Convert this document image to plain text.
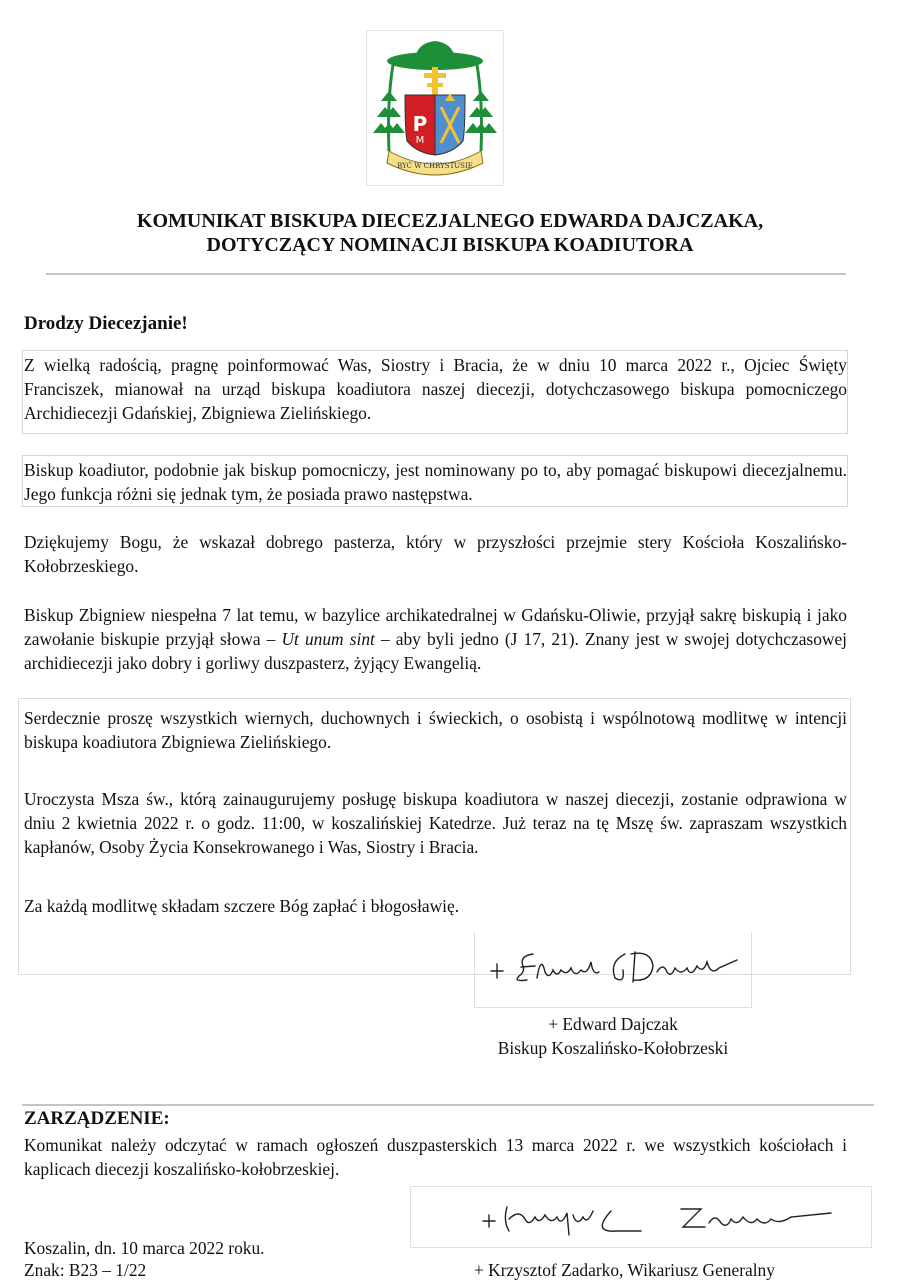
P
M
BYĆ W CHRYSTUSIE
KOMUNIKAT BISKUPA DIECEZJALNEGO EDWARDA DAJCZAKA,
DOTYCZĄCY NOMINACJI BISKUPA KOADIUTORA
Drodzy Diecezjanie!
Z wielką radością, pragnę poinformować Was, Siostry i Bracia, że w dniu 10 marca 2022 r., Ojciec Święty Franciszek, mianował na urząd biskupa koadiutora naszej diecezji, dotychczasowego biskupa pomocniczego Archidiecezji Gdańskiej, Zbigniewa Zielińskiego.
Biskup koadiutor, podobnie jak biskup pomocniczy, jest nominowany po to, aby pomagać biskupowi diecezjalnemu. Jego funkcja różni się jednak tym, że posiada prawo następstwa.
Dziękujemy Bogu, że wskazał dobrego pasterza, który w przyszłości przejmie stery Kościoła Koszalińsko-Kołobrzeskiego.
Biskup Zbigniew niespełna 7 lat temu, w bazylice archikatedralnej w Gdańsku-Oliwie, przyjął sakrę biskupią i jako zawołanie biskupie przyjął słowa – Ut unum sint – aby byli jedno (J 17, 21). Znany jest w swojej dotychczasowej archidiecezji jako dobry i gorliwy duszpasterz, żyjący Ewangelią.
Serdecznie proszę wszystkich wiernych, duchownych i świeckich, o osobistą i wspólnotową modlitwę w intencji biskupa koadiutora Zbigniewa Zielińskiego.
Uroczysta Msza św., którą zainaugurujemy posługę biskupa koadiutora w naszej diecezji, zostanie odprawiona w dniu 2 kwietnia 2022 r. o godz. 11:00, w koszalińskiej Katedrze. Już teraz na tę Mszę św. zapraszam wszystkich kapłanów, Osoby Życia Konsekrowanego i Was, Siostry i Bracia.
Za każdą modlitwę składam szczere Bóg zapłać i błogosławię.
+ Edward Dajczak
Biskup Koszalińsko-Kołobrzeski
ZARZĄDZENIE:
Komunikat należy odczytać w ramach ogłoszeń duszpasterskich 13 marca 2022 r. we wszystkich kościołach i kaplicach diecezji koszalińsko-kołobrzeskiej.
Koszalin, dn. 10 marca 2022 roku.
Znak: B23 – 1/22	+ Krzysztof Zadarko, Wikariusz Generalny
